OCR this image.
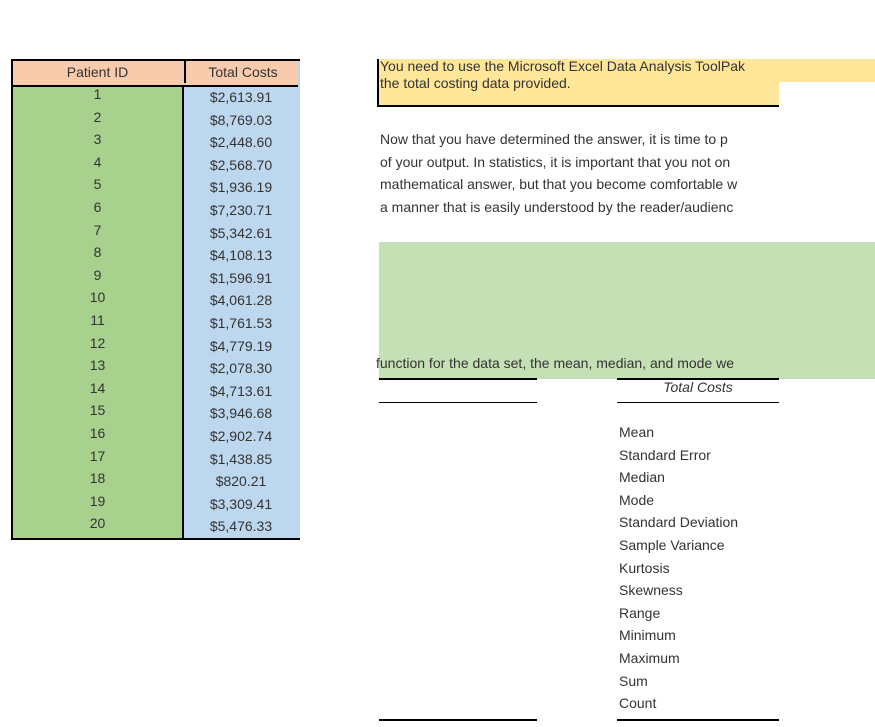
Patient ID	Total Costs
1	$2,613.91
2	$8,769.03
3	$2,448.60
4	$2,568.70
5	$1,936.19
6	$7,230.71
7	$5,342.61
8	$4,108.13
9	$1,596.91
10	$4,061.28
11	$1,761.53
12	$4,779.19
13	$2,078.30
14	$4,713.61
15	$3,946.68
16	$2,902.74
17	$1,438.85
18	$820.21
19	$3,309.41
20	$5,476.33
You need to use the Microsoft Excel Data Analysis ToolPak
the total costing data provided.
Now that you have determined the answer, it is time to p
of your output. In statistics, it is important that you not on
mathematical answer, but that you become comfortable w
a manner that is easily understood by the reader/audienc
function for the data set, the mean, median, and mode we
Total Costs
Mean
Standard Error
Median
Mode
Standard Deviation
Sample Variance
Kurtosis
Skewness
Range
Minimum
Maximum
Sum
Count
